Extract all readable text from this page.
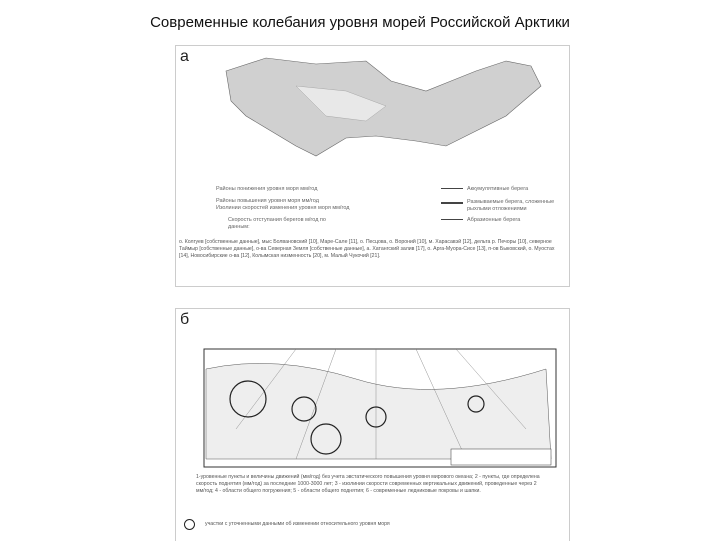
Современные колебания уровня морей Российской Арктики
а
Районы понижения уровня моря мм/год
Районы повышения уровня моря мм/год
Изолинии скоростей изменения уровня моря мм/год
Скорость отступания берегов м/год по данным:
Аккумулятивные берега
Размываемые берега, сложенные рыхлыми отложениями
Абразионные берега
о. Колгуев [собственные данные], мыс Болвановский [10], Маре-Сале [11], о. Песцова, о. Вороний [10], м. Харасавэй [12], дельта р. Печоры [10], северное Таймыр [собственные данные], о-ва Северная Земля [собственные данные], а. Хатангский залив [17], о. Арга-Муора-Сисе [13], п-ов Быковский, о. Муостах [14], Новосибирские о-ва [12], Колымская низменность [20], м. Малый Чукочий [21].
б
1-уровенные пункты и величины движений (мм/год) без учета эвстатического повышения уровня мирового океана; 2 - пункты, где определена скорость поднятия (мм/год) за последние 1000-3000 лет; 3 - изолинии скорости современных вертикальных движений, проведенные через 2 мм/год; 4 - области общего погружения; 5 - области общего поднятия; 6 - современные ледниковые покровы и шапки.
участки с уточненными данными об изменении относительного уровня моря
